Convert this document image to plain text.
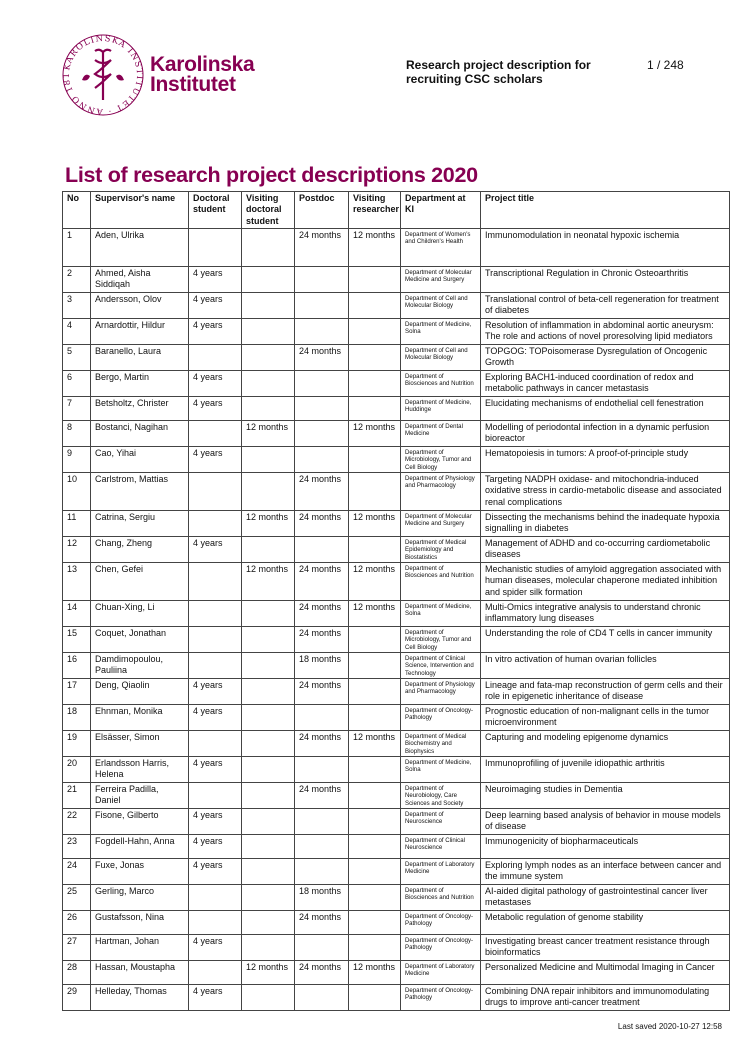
KAROLINSKA INSTITUTET · ANNO 181	Karolinska
Institutet
Research project description for recruiting CSC scholars
1 / 248
List of research project descriptions 2020
No	Supervisor's name	Doctoral student	Visiting doctoral student	Postdoc	Visiting researcher	Department at KI	Project title
1	Aden, Ulrika			24 months	12 months	Department of Women's and Children's Health	Immunomodulation in neonatal hypoxic ischemia
2	Ahmed, Aisha Siddiqah	4 years				Department of Molecular Medicine and Surgery	Transcriptional Regulation in Chronic Osteoarthritis
3	Andersson, Olov	4 years				Department of Cell and Molecular Biology	Translational control of beta-cell regeneration for treatment of diabetes
4	Arnardottir, Hildur	4 years				Department of Medicine, Solna	Resolution of inflammation in abdominal aortic aneurysm: The role and actions of novel proresolving lipid mediators
5	Baranello, Laura			24 months		Department of Cell and Molecular Biology	TOPGOG: TOPoisomerase Dysregulation of Oncogenic Growth
6	Bergo, Martin	4 years				Department of Biosciences and Nutrition	Exploring BACH1-induced coordination of redox and metabolic pathways in cancer metastasis
7	Betsholtz, Christer	4 years				Department of Medicine, Huddinge	Elucidating mechanisms of endothelial cell fenestration
8	Bostanci, Nagihan		12 months		12 months	Department of Dental Medicine	Modelling of periodontal infection in a dynamic perfusion bioreactor
9	Cao, Yihai	4 years				Department of Microbiology, Tumor and Cell Biology	Hematopoiesis in tumors: A proof-of-principle study
10	Carlstrom, Mattias			24 months		Department of Physiology and Pharmacology	Targeting NADPH oxidase- and mitochondria-induced oxidative stress in cardio-metabolic disease and associated renal complications
11	Catrina, Sergiu		12 months	24 months	12 months	Department of Molecular Medicine and Surgery	Dissecting the mechanisms behind the inadequate hypoxia signalling in diabetes
12	Chang, Zheng	4 years				Department of Medical Epidemiology and Biostatistics	Management of ADHD and co-occurring cardiometabolic diseases
13	Chen, Gefei		12 months	24 months	12 months	Department of Biosciences and Nutrition	Mechanistic studies of amyloid aggregation associated with human diseases, molecular chaperone mediated inhibition and spider silk formation
14	Chuan-Xing, Li			24 months	12 months	Department of Medicine, Solna	Multi-Omics integrative analysis to understand chronic inflammatory lung diseases
15	Coquet, Jonathan			24 months		Department of Microbiology, Tumor and Cell Biology	Understanding the role of CD4 T cells in cancer immunity
16	Damdimopoulou, Pauliina			18 months		Department of Clinical Science, Intervention and Technology	In vitro activation of human ovarian follicles
17	Deng, Qiaolin	4 years		24 months		Department of Physiology and Pharmacology	Lineage and fata-map reconstruction of germ cells and their role in epigenetic inheritance of disease
18	Ehnman, Monika	4 years				Department of Oncology-Pathology	Prognostic education of non-malignant cells in the tumor microenvironment
19	Elsässer, Simon			24 months	12 months	Department of Medical Biochemistry and Biophysics	Capturing and modeling epigenome dynamics
20	Erlandsson Harris, Helena	4 years				Department of Medicine, Solna	Immunoprofiling of juvenile idiopathic arthritis
21	Ferreira Padilla, Daniel			24 months		Department of Neurobiology, Care Sciences and Society	Neuroimaging studies in Dementia
22	Fisone, Gilberto	4 years				Department of Neuroscience	Deep learning based analysis of behavior in mouse models of disease
23	Fogdell-Hahn, Anna	4 years				Department of Clinical Neuroscience	Immunogenicity of biopharmaceuticals
24	Fuxe, Jonas	4 years				Department of Laboratory Medicine	Exploring lymph nodes as an interface between cancer and the immune system
25	Gerling, Marco			18 months		Department of Biosciences and Nutrition	AI-aided digital pathology of gastrointestinal cancer liver metastases
26	Gustafsson, Nina			24 months		Department of Oncology-Pathology	Metabolic regulation of genome stability
27	Hartman, Johan	4 years				Department of Oncology-Pathology	Investigating breast cancer treatment resistance through bioinformatics
28	Hassan, Moustapha		12 months	24 months	12 months	Department of Laboratory Medicine	Personalized Medicine and Multimodal Imaging in Cancer
29	Helleday, Thomas	4 years				Department of Oncology-Pathology	Combining DNA repair inhibitors and immunomodulating drugs to improve anti-cancer treatment
Last saved 2020-10-27 12:58
